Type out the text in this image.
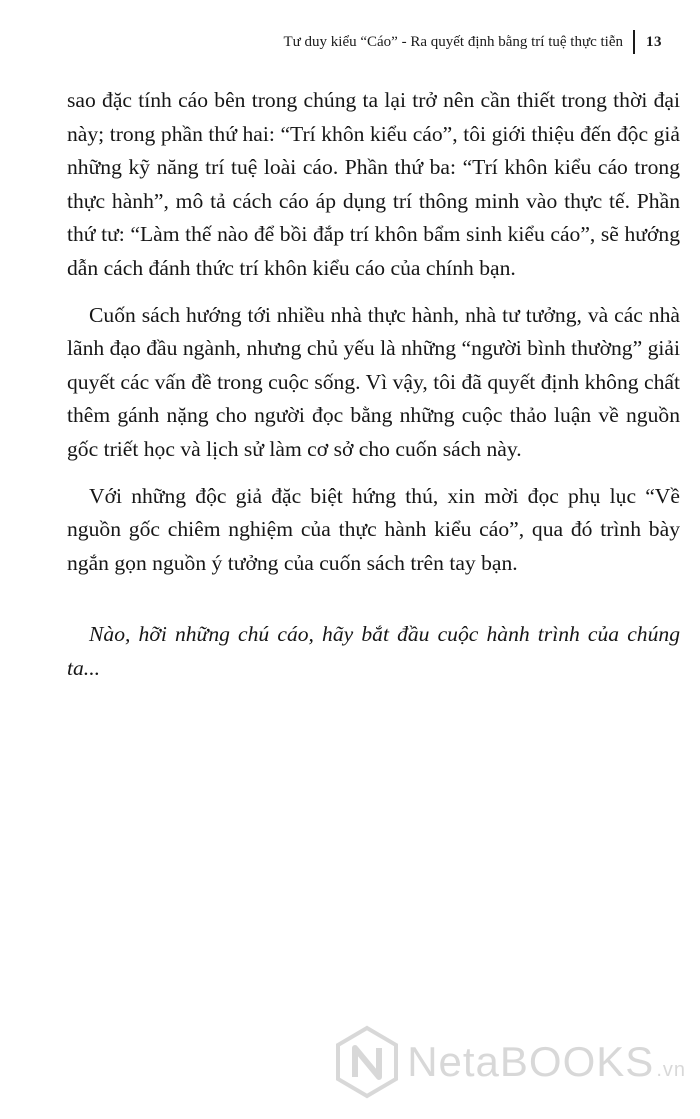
Tư duy kiểu “Cáo” - Ra quyết định bằng trí tuệ thực tiễn 13

sao đặc tính cáo bên trong chúng ta lại trở nên cần thiết trong thời đại này; trong phần thứ hai: “Trí khôn kiểu cáo”, tôi giới thiệu đến độc giả những kỹ năng trí tuệ loài cáo. Phần thứ ba: “Trí khôn kiểu cáo trong thực hành”, mô tả cách cáo áp dụng trí thông minh vào thực tế. Phần thứ tư: “Làm thế nào để bồi đắp trí khôn bẩm sinh kiểu cáo”, sẽ hướng dẫn cách đánh thức trí khôn kiểu cáo của chính bạn.

Cuốn sách hướng tới nhiều nhà thực hành, nhà tư tưởng, và các nhà lãnh đạo đầu ngành, nhưng chủ yếu là những “người bình thường” giải quyết các vấn đề trong cuộc sống. Vì vậy, tôi đã quyết định không chất thêm gánh nặng cho người đọc bằng những cuộc thảo luận về nguồn gốc triết học và lịch sử làm cơ sở cho cuốn sách này.

Với những độc giả đặc biệt hứng thú, xin mời đọc phụ lục “Về nguồn gốc chiêm nghiệm của thực hành kiểu cáo”, qua đó trình bày ngắn gọn nguồn ý tưởng của cuốn sách trên tay bạn.

Nào, hỡi những chú cáo, hãy bắt đầu cuộc hành trình của chúng ta...

NetaBOOKS .vn
